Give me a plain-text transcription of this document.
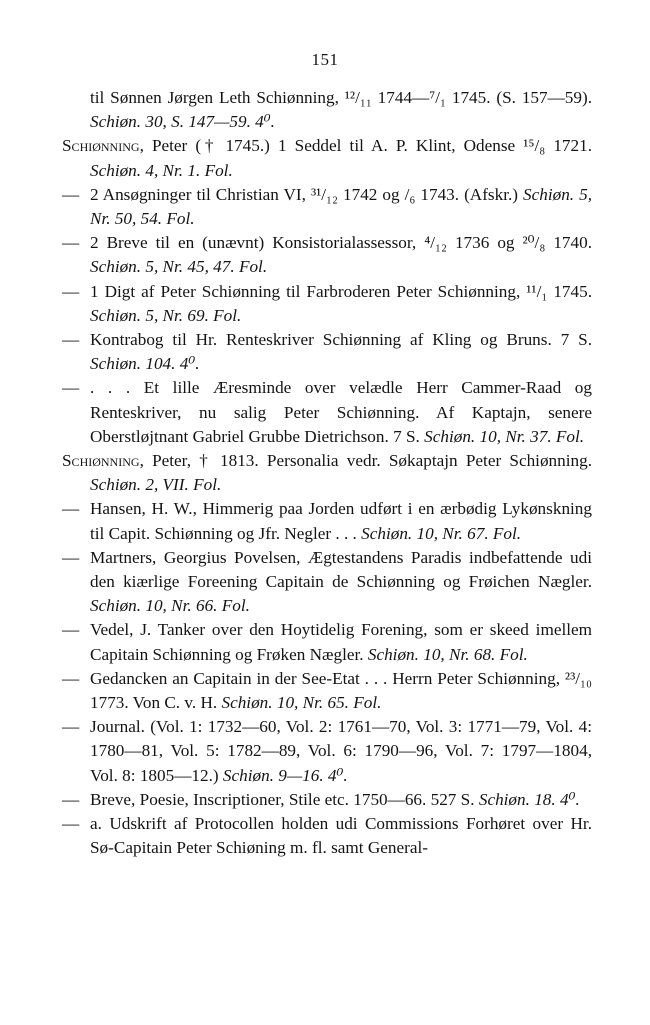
151
til Sønnen Jørgen Leth Schiønning, ¹²/₁₁ 1744—⁷/₁ 1745. (S. 157—59). Schiøn. 30, S. 147—59. 4⁰.
Schiønning, Peter († 1745.) 1 Seddel til A. P. Klint, Odense ¹⁵/₈ 1721. Schiøn. 4, Nr. 1. Fol.
— 2 Ansøgninger til Christian VI, ³¹/₁₂ 1742 og /₆ 1743. (Afskr.) Schiøn. 5, Nr. 50, 54. Fol.
— 2 Breve til en (unævnt) Konsistorialassessor, ⁴/₁₂ 1736 og ²⁰/₈ 1740. Schiøn. 5, Nr. 45, 47. Fol.
— 1 Digt af Peter Schiønning til Farbroderen Peter Schiønning, ¹¹/₁ 1745. Schiøn. 5, Nr. 69. Fol.
— Kontrabog til Hr. Renteskriver Schiønning af Kling og Bruns. 7 S. Schiøn. 104. 4⁰.
— . . . Et lille Æresminde over velædle Herr Cammer-Raad og Renteskriver, nu salig Peter Schiønning. Af Kaptajn, senere Oberstløjtnant Gabriel Grubbe Dietrichson. 7 S. Schiøn. 10, Nr. 37. Fol.
Schiønning, Peter, † 1813. Personalia vedr. Søkaptajn Peter Schiønning. Schiøn. 2, VII. Fol.
— Hansen, H. W., Himmerig paa Jorden udført i en ærbødig Lykønskning til Capit. Schiønning og Jfr. Negler . . . Schiøn. 10, Nr. 67. Fol.
— Martners, Georgius Povelsen, Ægtestandens Paradis indbefattende udi den kiærlige Foreening Capitain de Schiønning og Frøichen Nægler. Schiøn. 10, Nr. 66. Fol.
— Vedel, J. Tanker over den Hoytidelig Forening, som er skeed imellem Capitain Schiønning og Frøken Nægler. Schiøn. 10, Nr. 68. Fol.
— Gedancken an Capitain in der See-Etat . . . Herrn Peter Schiønning, ²³/₁₀ 1773. Von C. v. H. Schiøn. 10, Nr. 65. Fol.
— Journal. (Vol. 1: 1732—60, Vol. 2: 1761—70, Vol. 3: 1771—79, Vol. 4: 1780—81, Vol. 5: 1782—89, Vol. 6: 1790—96, Vol. 7: 1797—1804, Vol. 8: 1805—12.) Schiøn. 9—16. 4⁰.
— Breve, Poesie, Inscriptioner, Stile etc. 1750—66. 527 S. Schiøn. 18. 4⁰.
— a. Udskrift af Protocollen holden udi Commissions Forhøret over Hr. Sø-Capitain Peter Schiøning m. fl. samt General-
